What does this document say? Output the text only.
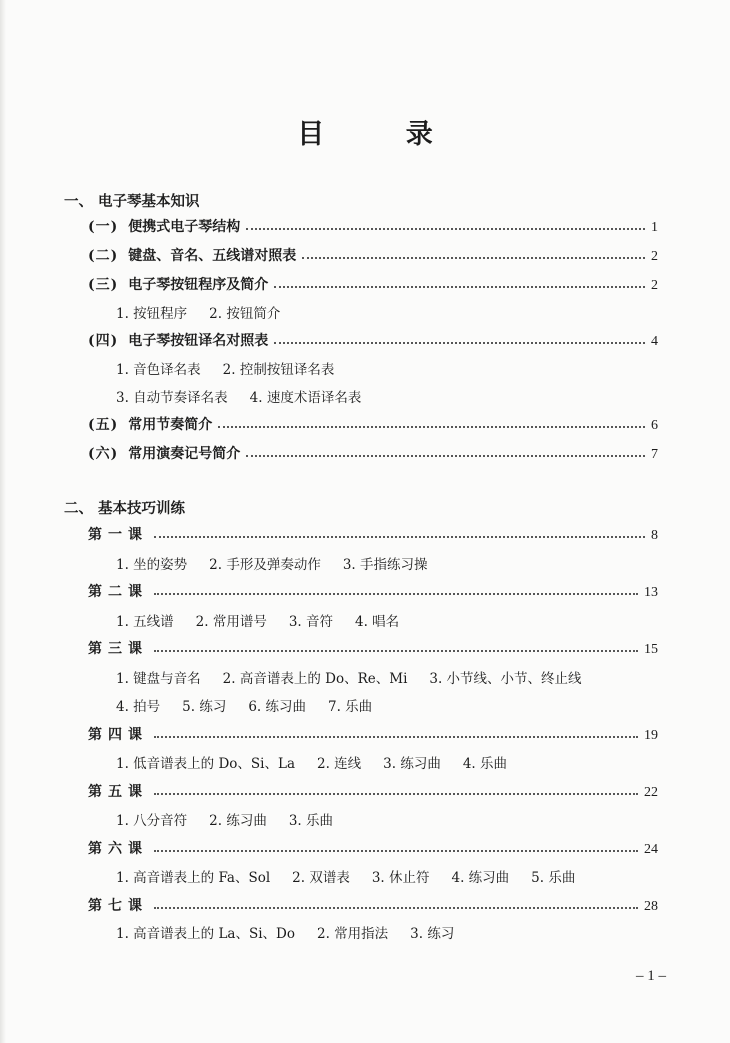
目 录
一、 电子琴基本知识
(一) 便携式电子琴结构	1
(二) 键盘、音名、五线谱对照表	2
(三) 电子琴按钮程序及简介	2
1. 按钮程序 2. 按钮简介
(四) 电子琴按钮译名对照表	4
1. 音色译名表 2. 控制按钮译名表
3. 自动节奏译名表 4. 速度术语译名表
(五) 常用节奏简介	6
(六) 常用演奏记号简介	7
二、 基本技巧训练
第一课	8
1. 坐的姿势 2. 手形及弹奏动作 3. 手指练习操
第二课	13
1. 五线谱 2. 常用谱号 3. 音符 4. 唱名
第三课	15
1. 键盘与音名 2. 高音谱表上的 Do、Re、Mi 3. 小节线、小节、终止线
4. 拍号 5. 练习 6. 练习曲 7. 乐曲
第四课	19
1. 低音谱表上的 Do、Si、La 2. 连线 3. 练习曲 4. 乐曲
第五课	22
1. 八分音符 2. 练习曲 3. 乐曲
第六课	24
1. 高音谱表上的 Fa、Sol 2. 双谱表 3. 休止符 4. 练习曲 5. 乐曲
第七课	28
1. 高音谱表上的 La、Si、Do 2. 常用指法 3. 练习
– 1 –
